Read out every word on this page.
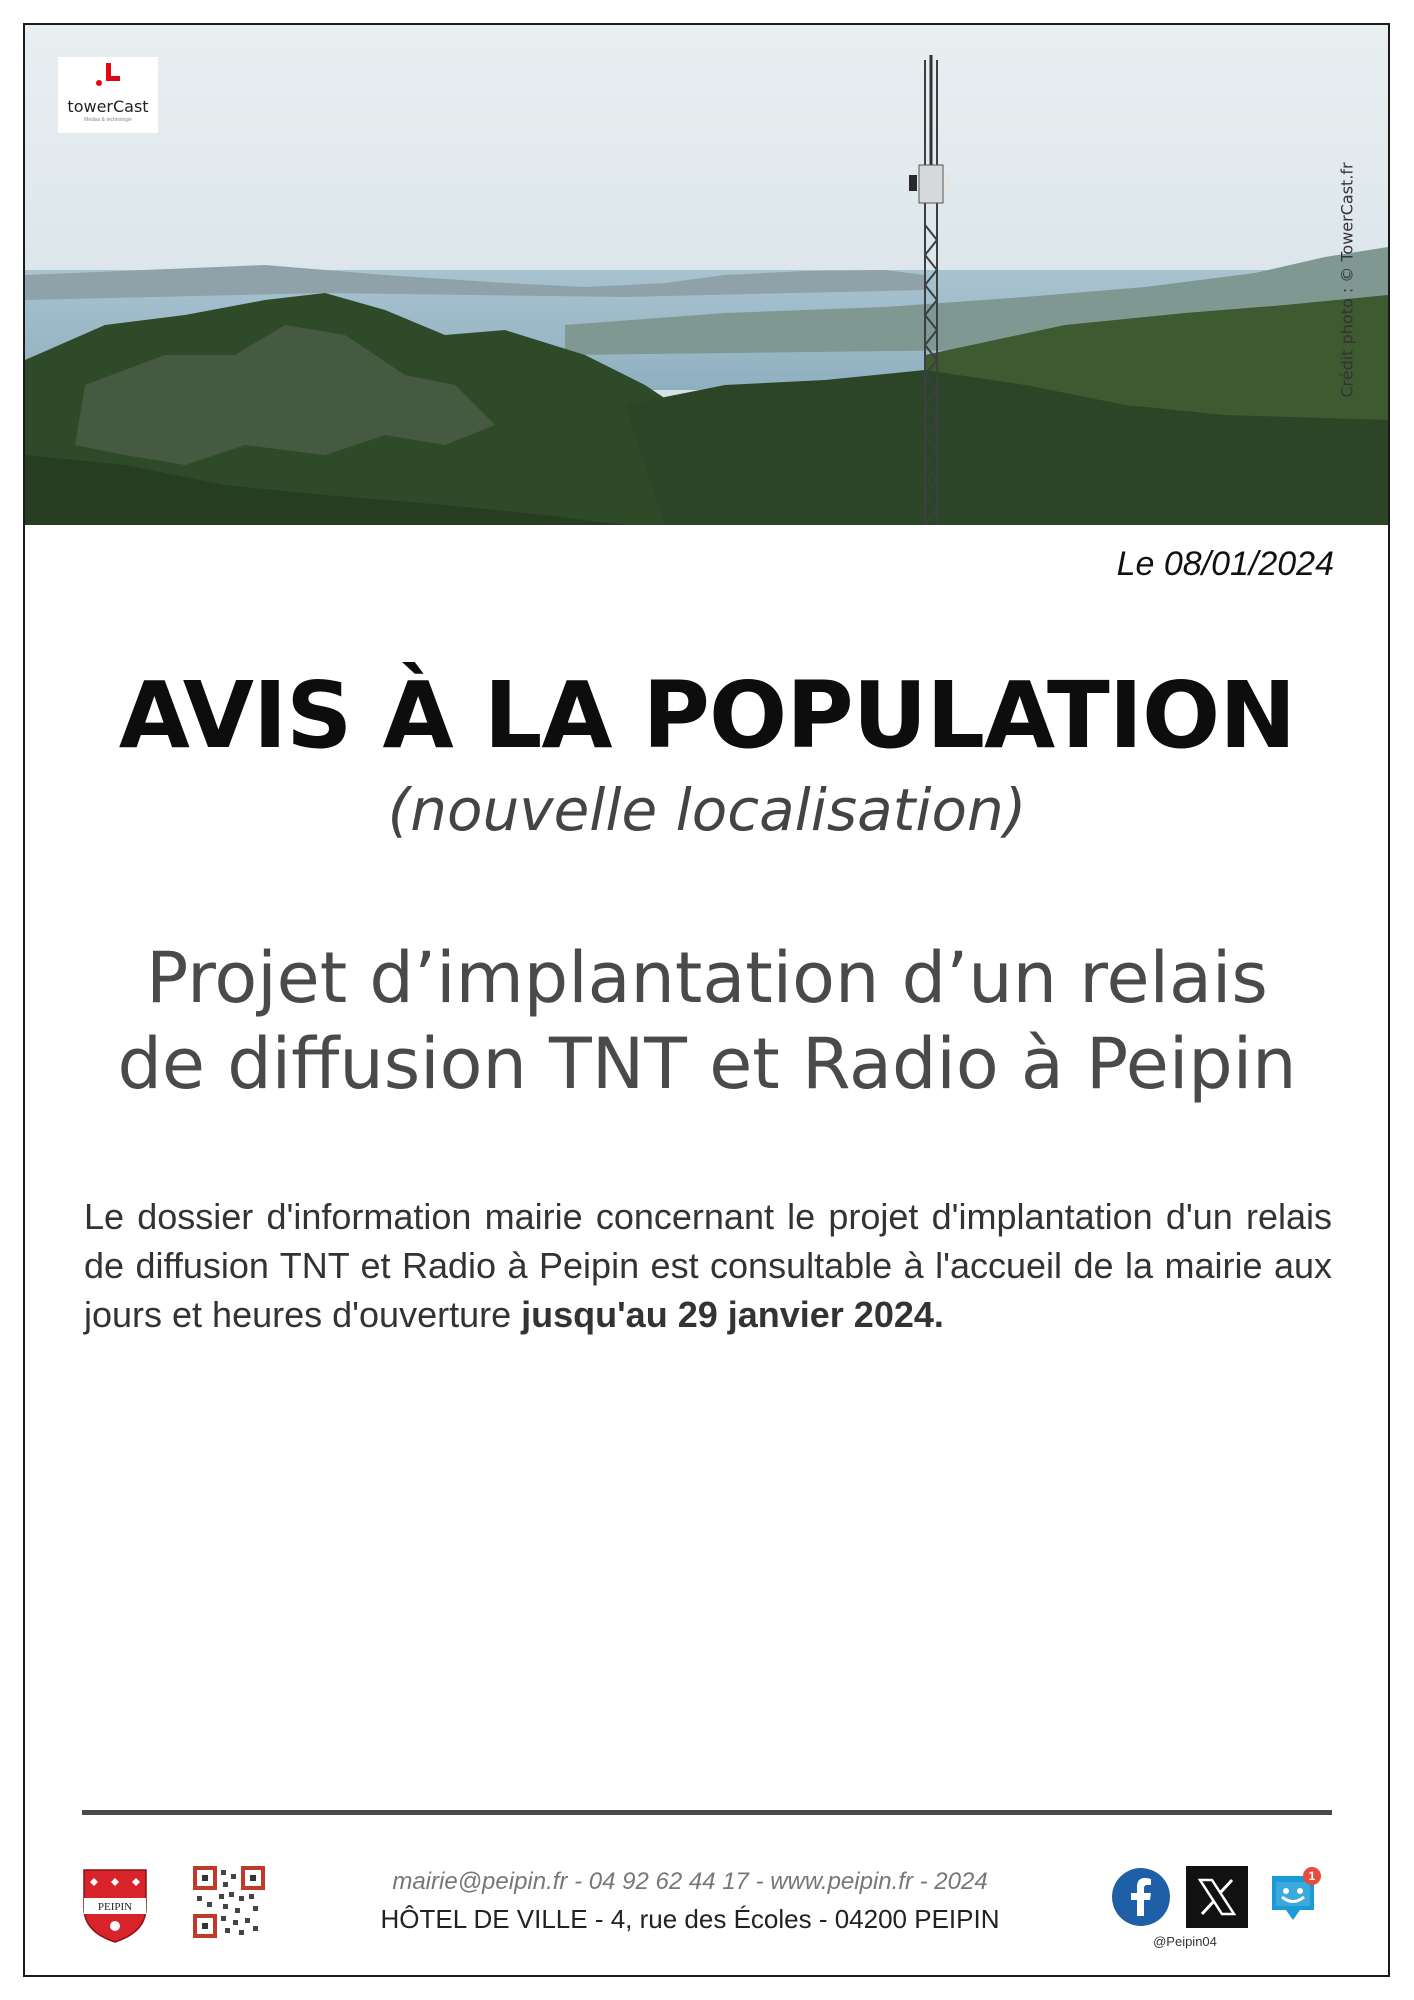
towerCast
Médias & technologie
Crédit photo : © TowerCast.fr
Le 08/01/2024
AVIS À LA POPULATION
(nouvelle localisation)
Projet d’implantation d’un relais
de diffusion TNT et Radio à Peipin
Le dossier d'information mairie concernant le projet d'implantation d'un relais de diffusion TNT et Radio à Peipin est consultable à l'accueil de la mairie aux jours et heures d'ouverture jusqu'au 29 janvier 2024.
PEIPIN
mairie@peipin.fr - 04 92 62 44 17 - www.peipin.fr - 2024
HÔTEL DE VILLE - 4, rue des Écoles - 04200 PEIPIN
1
@Peipin04
